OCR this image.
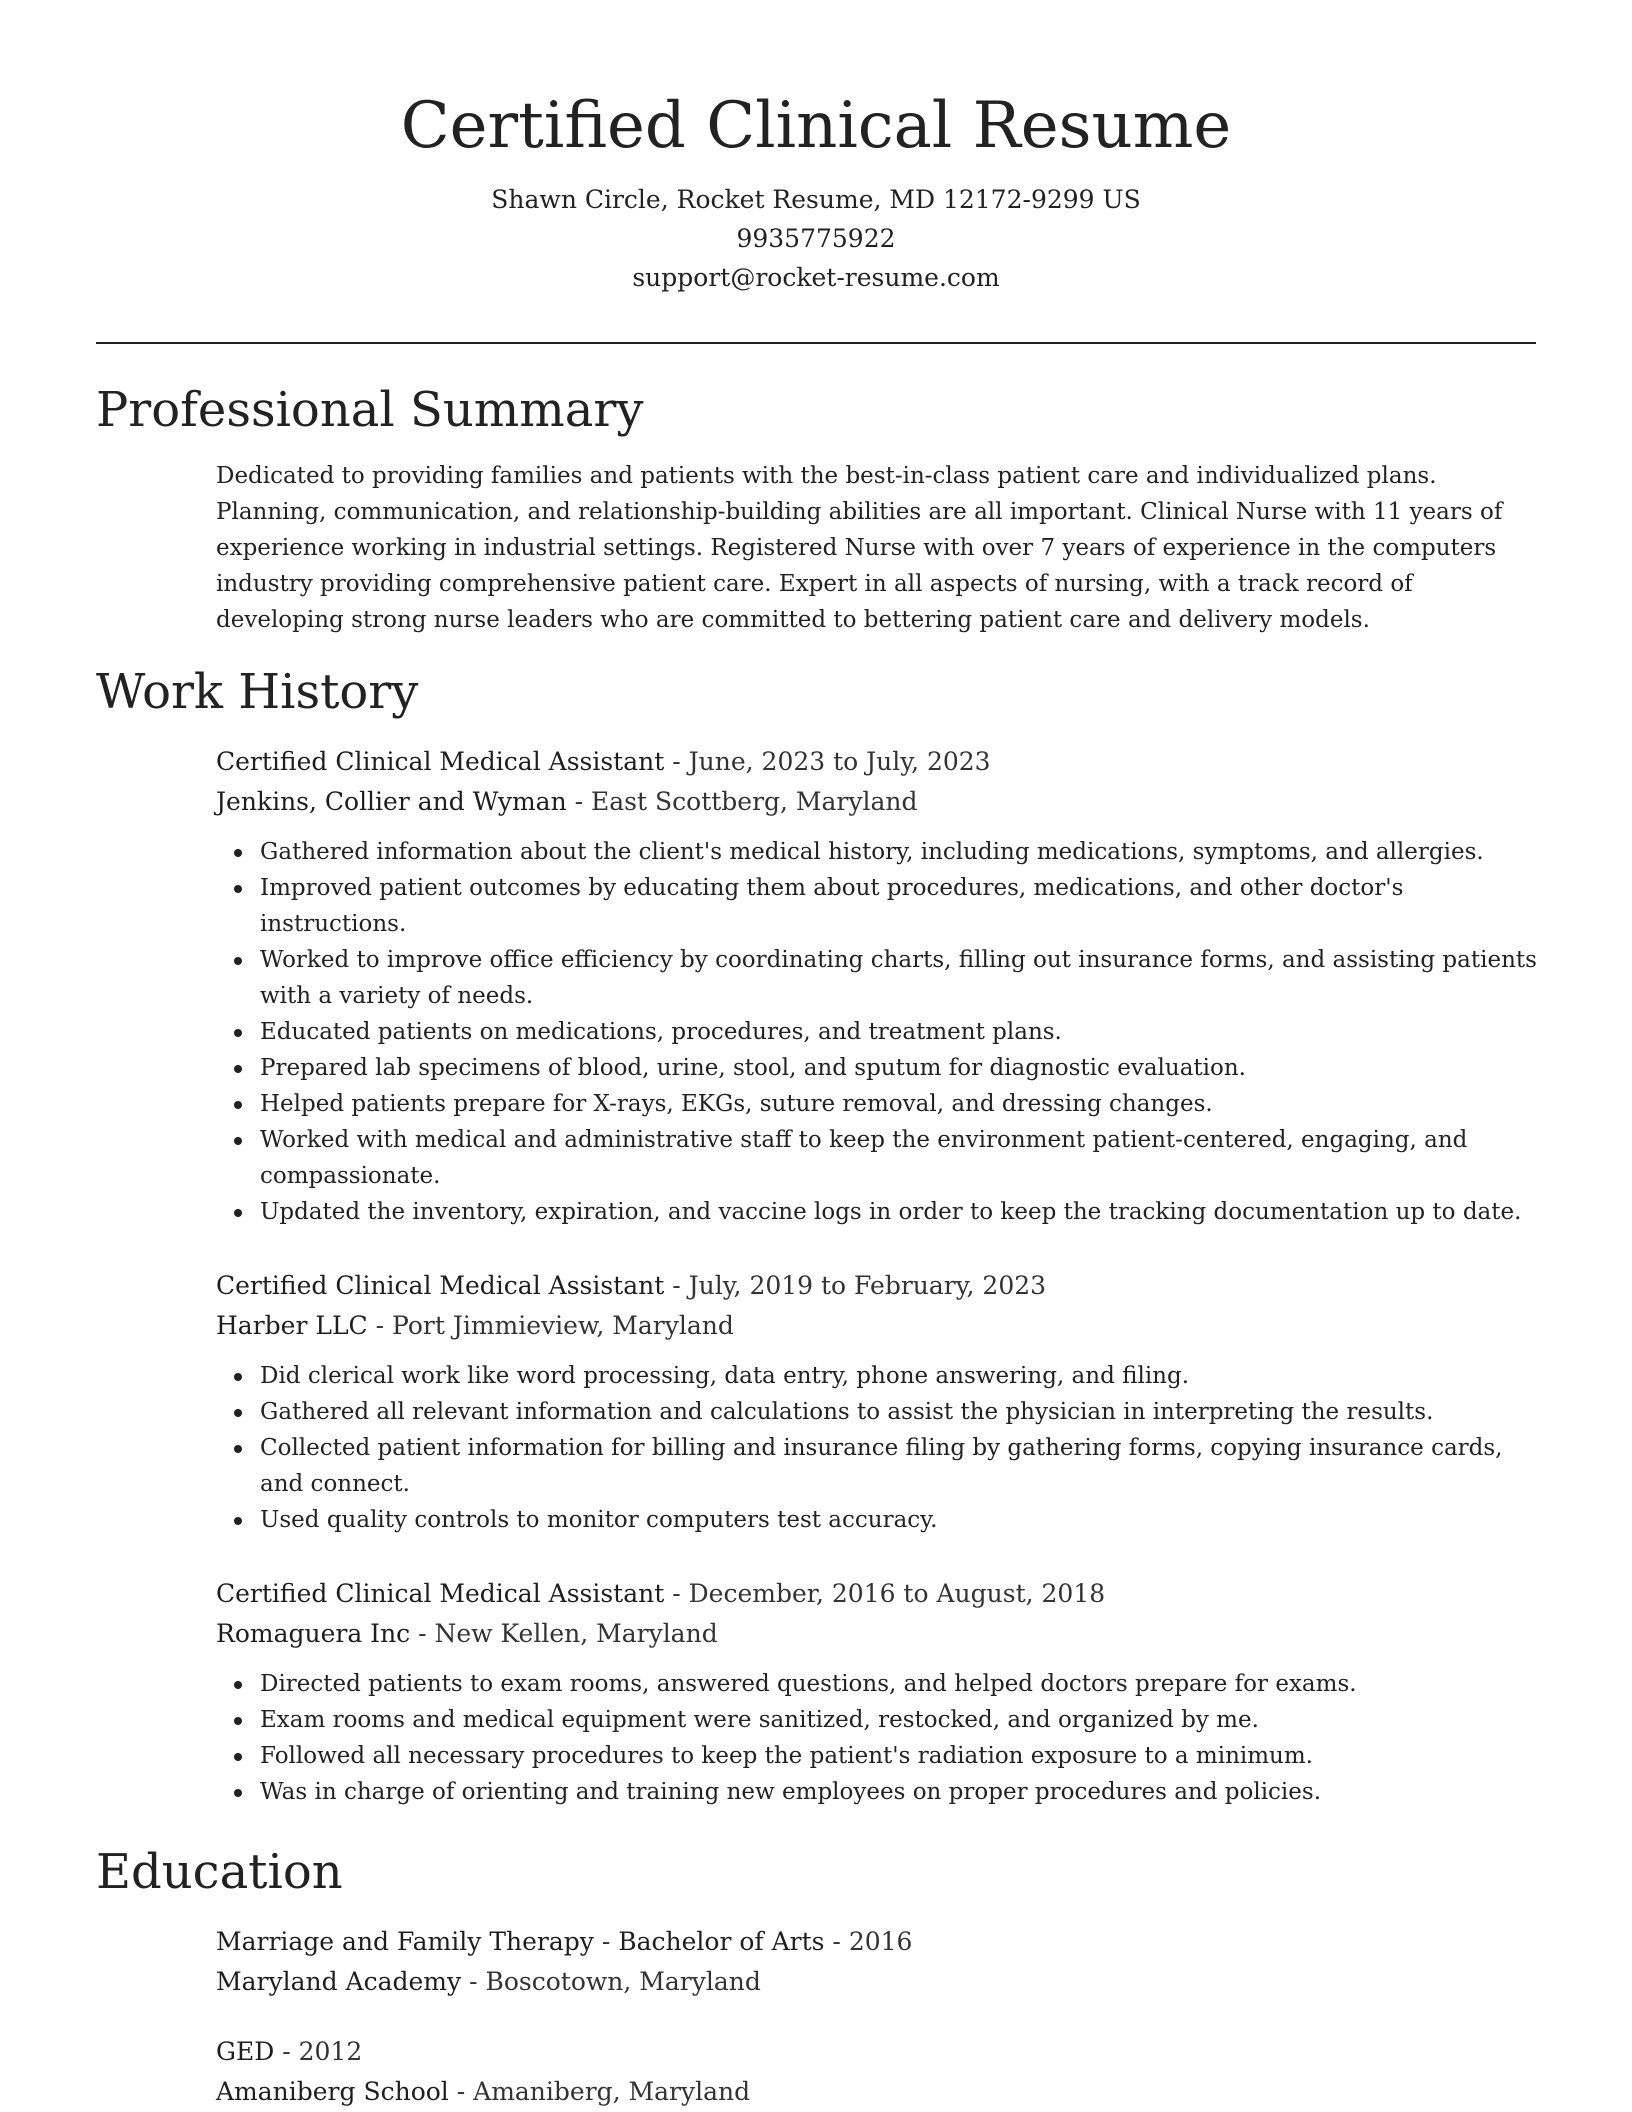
Certified Clinical Resume
Shawn Circle, Rocket Resume, MD 12172-9299 US
9935775922
support@rocket-resume.com
Professional Summary

Dedicated to providing families and patients with the best-in-class patient care and individualized plans. Planning, communication, and relationship-building abilities are all important. Clinical Nurse with 11 years of experience working in industrial settings. Registered Nurse with over 7 years of experience in the computers industry providing comprehensive patient care. Expert in all aspects of nursing, with a track record of developing strong nurse leaders who are committed to bettering patient care and delivery models.

Work History
Certified Clinical Medical Assistant - June, 2023 to July, 2023
Jenkins, Collier and Wyman - East Scottberg, Maryland
Gathered information about the client's medical history, including medications, symptoms, and allergies.
Improved patient outcomes by educating them about procedures, medications, and other doctor's instructions.
Worked to improve office efficiency by coordinating charts, filling out insurance forms, and assisting patients with a variety of needs.
Educated patients on medications, procedures, and treatment plans.
Prepared lab specimens of blood, urine, stool, and sputum for diagnostic evaluation.
Helped patients prepare for X-rays, EKGs, suture removal, and dressing changes.
Worked with medical and administrative staff to keep the environment patient-centered, engaging, and compassionate.
Updated the inventory, expiration, and vaccine logs in order to keep the tracking documentation up to date.
Certified Clinical Medical Assistant - July, 2019 to February, 2023
Harber LLC - Port Jimmieview, Maryland
Did clerical work like word processing, data entry, phone answering, and filing.
Gathered all relevant information and calculations to assist the physician in interpreting the results.
Collected patient information for billing and insurance filing by gathering forms, copying insurance cards, and connect.
Used quality controls to monitor computers test accuracy.
Certified Clinical Medical Assistant - December, 2016 to August, 2018
Romaguera Inc - New Kellen, Maryland
Directed patients to exam rooms, answered questions, and helped doctors prepare for exams.
Exam rooms and medical equipment were sanitized, restocked, and organized by me.
Followed all necessary procedures to keep the patient's radiation exposure to a minimum.
Was in charge of orienting and training new employees on proper procedures and policies.
Education
Marriage and Family Therapy - Bachelor of Arts - 2016
Maryland Academy - Boscotown, Maryland
GED - 2012
Amaniberg School - Amaniberg, Maryland
